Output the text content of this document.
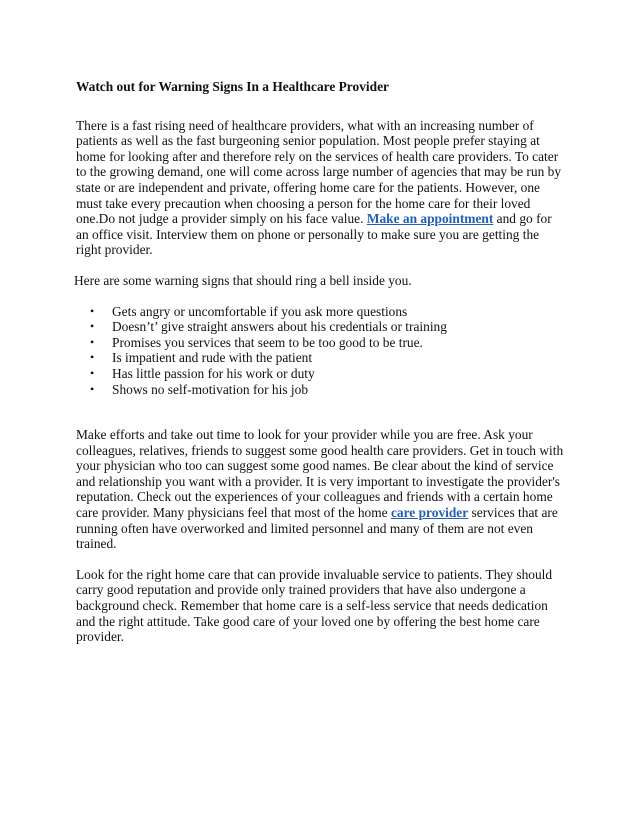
Watch out for Warning Signs In a Healthcare Provider

There is a fast rising need of healthcare providers, what with an increasing number of patients as well as the fast burgeoning senior population. Most people prefer staying at home for looking after and therefore rely on the services of health care providers. To cater to the growing demand, one will come across large number of agencies that may be run by state or are independent and private, offering home care for the patients. However, one must take every precaution when choosing a person for the home care for their loved one.Do not judge a provider simply on his face value. Make an appointment and go for an office visit. Interview them on phone or personally to make sure you are getting the right provider.

Here are some warning signs that should ring a bell inside you.

• Gets angry or uncomfortable if you ask more questions
• Doesn’t’ give straight answers about his credentials or training
• Promises you services that seem to be too good to be true.
• Is impatient and rude with the patient
• Has little passion for his work or duty
• Shows no self-motivation for his job

Make efforts and take out time to look for your provider while you are free. Ask your colleagues, relatives, friends to suggest some good health care providers. Get in touch with your physician who too can suggest some good names. Be clear about the kind of service and relationship you want with a provider. It is very important to investigate the provider's reputation. Check out the experiences of your colleagues and friends with a certain home care provider. Many physicians feel that most of the home care provider services that are running often have overworked and limited personnel and many of them are not even trained.

Look for the right home care that can provide invaluable service to patients. They should carry good reputation and provide only trained providers that have also undergone a background check. Remember that home care is a self-less service that needs dedication and the right attitude. Take good care of your loved one by offering the best home care provider.
